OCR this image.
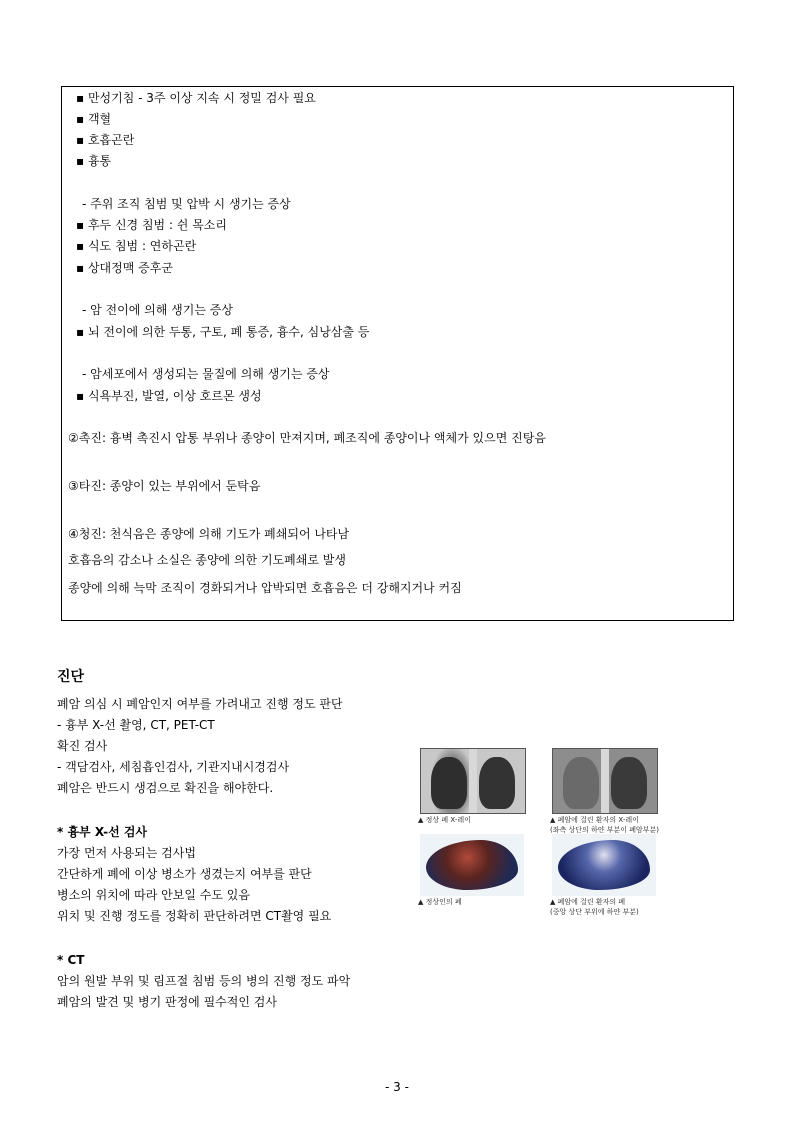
▪ 만성기침 - 3주 이상 지속 시 정밀 검사 필요
▪ 객혈
▪ 호흡곤란
▪ 흉통
- 주위 조직 침범 및 압박 시 생기는 증상
▪ 후두 신경 침범 : 쉰 목소리
▪ 식도 침범 : 연하곤란
▪ 상대정맥 증후군
- 암 전이에 의해 생기는 증상
▪ 뇌 전이에 의한 두통, 구토, 폐 통증, 흉수, 심낭삼출 등
- 암세포에서 생성되는 물질에 의해 생기는 증상
▪ 식욕부진, 발열, 이상 호르몬 생성
②촉진: 흉벽 촉진시 압통 부위나 종양이 만져지며, 폐조직에 종양이나 액체가 있으면 진탕음
③타진: 종양이 있는 부위에서 둔탁음
④청진: 천식음은 종양에 의해 기도가 폐쇄되어 나타남
호흡음의 감소나 소실은 종양에 의한 기도폐쇄로 발생
종양에 의해 늑막 조직이 경화되거나 압박되면 호흡음은 더 강해지거나 커짐
진단
폐암 의심 시 폐암인지 여부를 가려내고 진행 정도 판단
- 흉부 X-선 촬영, CT, PET-CT
확진 검사
- 객담검사, 세침흡인검사, 기관지내시경검사
폐암은 반드시 생검으로 확진을 해야한다.
* 흉부 X-선 검사
가장 먼저 사용되는 검사법
간단하게 폐에 이상 병소가 생겼는지 여부를 판단
병소의 위치에 따라 안보일 수도 있음
위치 및 진행 정도를 정확히 판단하려면 CT촬영 필요
* CT
암의 원발 부위 및 림프절 침범 등의 병의 진행 정도 파악
폐암의 발견 및 병기 판정에 필수적인 검사
▲ 정상 폐 X-레이	▲ 폐암에 걸린 환자의 X-레이
(좌측 상단의 하얀 부분이 폐암부분)
▲ 정상인의 폐	▲ 폐암에 걸린 환자의 폐
(중앙 상단 부위에 하얀 부분)
- 3 -
